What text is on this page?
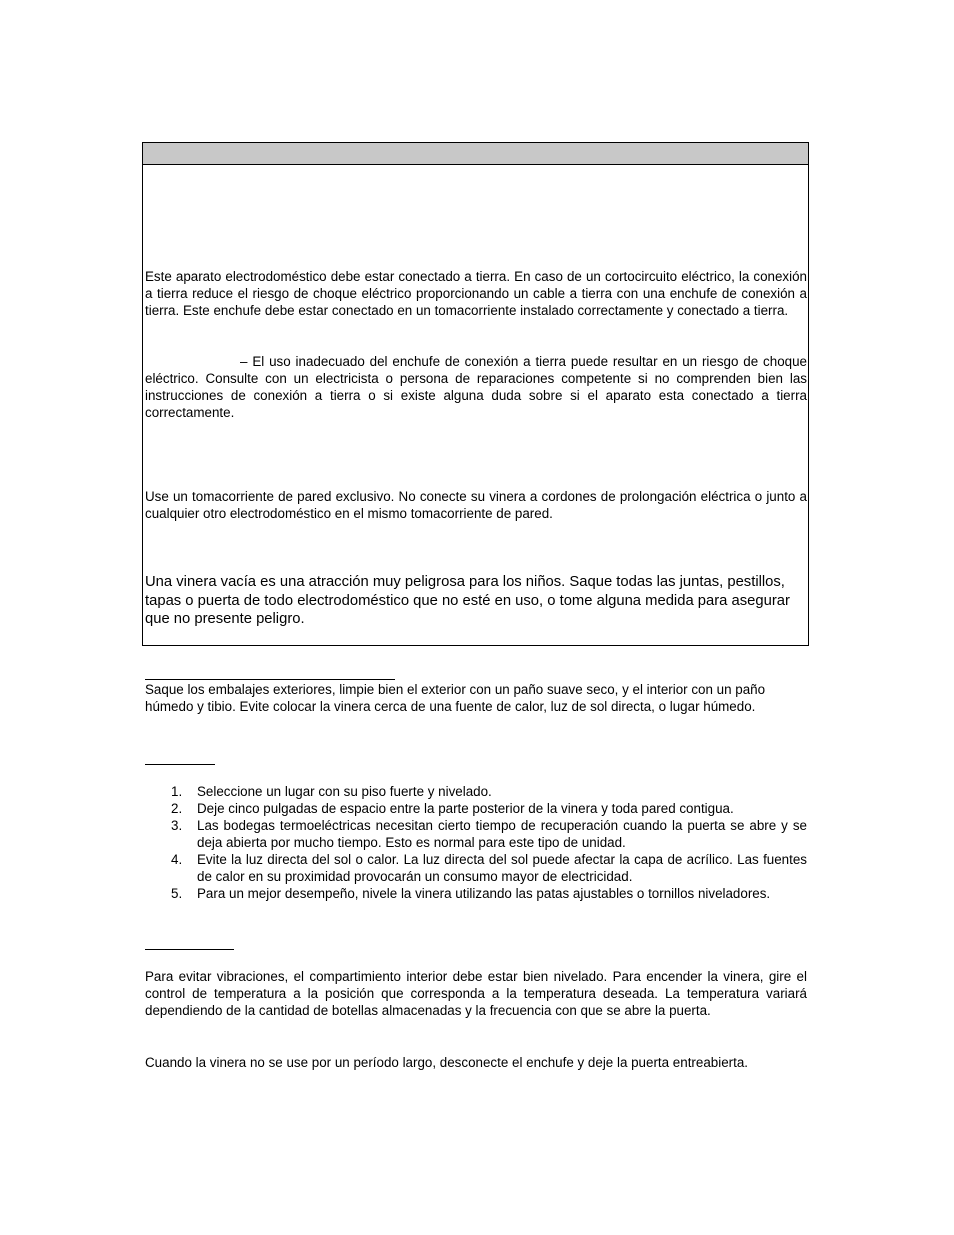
Este aparato electrodoméstico debe estar conectado a tierra. En caso de un cortocircuito eléctrico, la conexión a tierra reduce el riesgo de choque eléctrico proporcionando un cable a tierra con una enchufe de conexión a tierra. Este enchufe debe estar conectado en un tomacorriente instalado correctamente y conectado a tierra.

– El uso inadecuado del enchufe de conexión a tierra puede resultar en un riesgo de choque eléctrico. Consulte con un electricista o persona de reparaciones competente si no comprenden bien las instrucciones de conexión a tierra o si existe alguna duda sobre si el aparato esta conectado a tierra correctamente.

Use un tomacorriente de pared exclusivo. No conecte su vinera a cordones de prolongación eléctrica o junto a cualquier otro electrodoméstico en el mismo tomacorriente de pared.

Una vinera vacía es una atracción muy peligrosa para los niños. Saque todas las juntas, pestillos, tapas o puerta de todo electrodoméstico que no esté en uso, o tome alguna medida para asegurar que no presente peligro.

Saque los embalajes exteriores, limpie bien el exterior con un paño suave seco, y el interior con un paño húmedo y tibio. Evite colocar la vinera cerca de una fuente de calor, luz de sol directa, o lugar húmedo.

1. Seleccione un lugar con su piso fuerte y nivelado.
2. Deje cinco pulgadas de espacio entre la parte posterior de la vinera y toda pared contigua.
3. Las bodegas termoeléctricas necesitan cierto tiempo de recuperación cuando la puerta se abre y se deja abierta por mucho tiempo. Esto es normal para este tipo de unidad.
4. Evite la luz directa del sol o calor. La luz directa del sol puede afectar la capa de acrílico. Las fuentes de calor en su proximidad provocarán un consumo mayor de electricidad.
5. Para un mejor desempeño, nivele la vinera utilizando las patas ajustables o tornillos niveladores.

Para evitar vibraciones, el compartimiento interior debe estar bien nivelado. Para encender la vinera, gire el control de temperatura a la posición que corresponda a la temperatura deseada. La temperatura variará dependiendo de la cantidad de botellas almacenadas y la frecuencia con que se abre la puerta.

Cuando la vinera no se use por un período largo, desconecte el enchufe y deje la puerta entreabierta.
